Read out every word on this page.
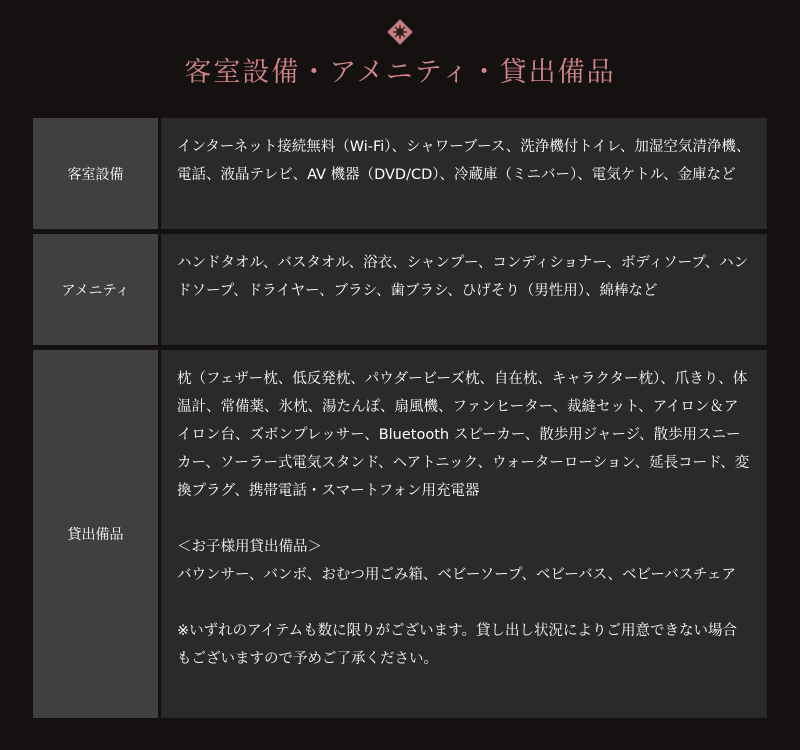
客室設備・アメニティ・貸出備品
客室設備

インターネット接続無料（Wi-Fi）、シャワーブース、洗浄機付トイレ、加湿空気清浄機、電話、液晶テレビ、AV 機器（DVD/CD）、冷蔵庫（ミニバー）、電気ケトル、金庫など

アメニティ

ハンドタオル、バスタオル、浴衣、シャンプー、コンディショナー、ボディソープ、ハンドソープ、ドライヤー、ブラシ、歯ブラシ、ひげそり（男性用）、綿棒など

貸出備品

枕（フェザー枕、低反発枕、パウダービーズ枕、自在枕、キャラクター枕）、爪きり、体温計、常備薬、氷枕、湯たんぽ、扇風機、ファンヒーター、裁縫セット、アイロン＆アイロン台、ズボンプレッサー、Bluetooth スピーカー、散歩用ジャージ、散歩用スニーカー、ソーラー式電気スタンド、ヘアトニック、ウォーターローション、延長コード、変換プラグ、携帯電話・スマートフォン用充電器

＜お子様用貸出備品＞

バウンサー、バンボ、おむつ用ごみ箱、ベビーソープ、ベビーバス、ベビーバスチェア

※いずれのアイテムも数に限りがございます。貸し出し状況によりご用意できない場合もございますので予めご了承ください。
